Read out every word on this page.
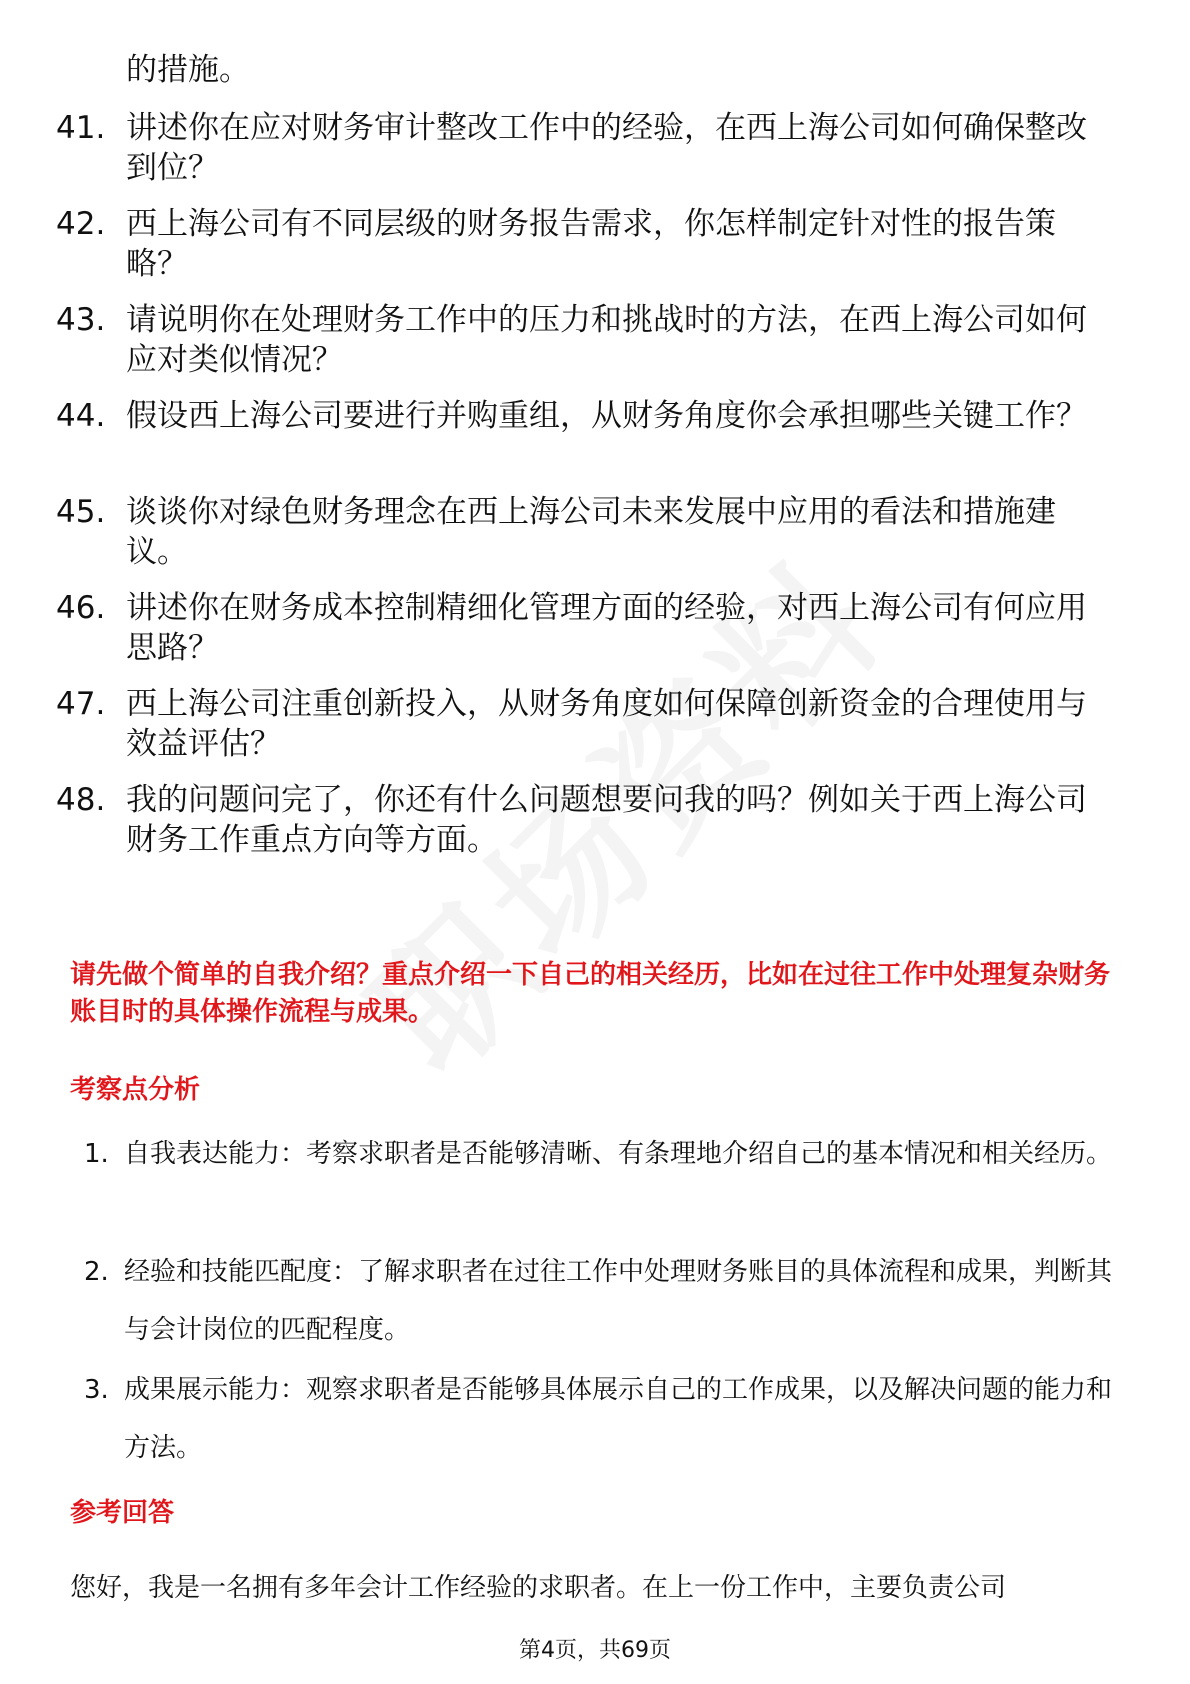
的措施。
41. 讲述你在应对财务审计整改工作中的经验，在西上海公司如何确保整改到位？
42. 西上海公司有不同层级的财务报告需求，你怎样制定针对性的报告策略？
43. 请说明你在处理财务工作中的压力和挑战时的方法，在西上海公司如何应对类似情况？
44. 假设西上海公司要进行并购重组，从财务角度你会承担哪些关键工作？
45. 谈谈你对绿色财务理念在西上海公司未来发展中应用的看法和措施建议。
46. 讲述你在财务成本控制精细化管理方面的经验，对西上海公司有何应用思路？
47. 西上海公司注重创新投入，从财务角度如何保障创新资金的合理使用与效益评估？
48. 我的问题问完了，你还有什么问题想要问我的吗？例如关于西上海公司财务工作重点方向等方面。
请先做个简单的自我介绍？重点介绍一下自己的相关经历，比如在过往工作中处理复杂财务账目时的具体操作流程与成果。
考察点分析
1. 自我表达能力：考察求职者是否能够清晰、有条理地介绍自己的基本情况和相关经历。
2. 经验和技能匹配度：了解求职者在过往工作中处理财务账目的具体流程和成果，判断其与会计岗位的匹配程度。
3. 成果展示能力：观察求职者是否能够具体展示自己的工作成果，以及解决问题的能力和方法。
参考回答
您好，我是一名拥有多年会计工作经验的求职者。在上一份工作中，主要负责公司
第4页，共69页
